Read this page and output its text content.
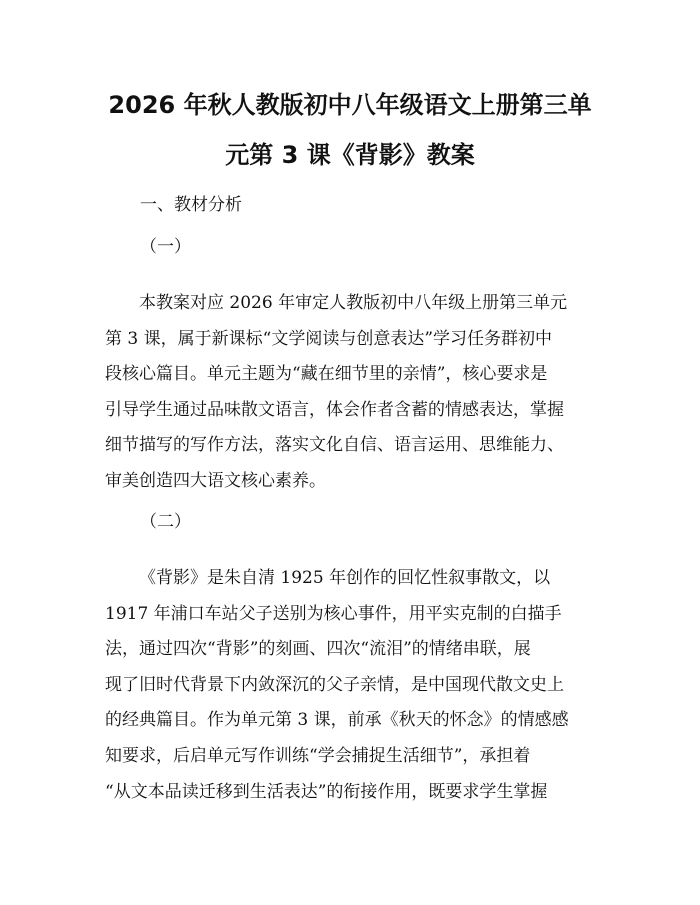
2026 年秋人教版初中八年级语文上册第三单
元第 3 课《背影》教案

一、教材分析

（一）

本教案对应 2026 年审定人教版初中八年级上册第三单元
第 3 课，属于新课标“文学阅读与创意表达”学习任务群初中
段核心篇目。单元主题为“藏在细节里的亲情”，核心要求是
引导学生通过品味散文语言，体会作者含蓄的情感表达，掌握
细节描写的写作方法，落实文化自信、语言运用、思维能力、
审美创造四大语文核心素养。

（二）

《背影》是朱自清 1925 年创作的回忆性叙事散文，以
1917 年浦口车站父子送别为核心事件，用平实克制的白描手
法，通过四次“背影”的刻画、四次“流泪”的情绪串联，展
现了旧时代背景下内敛深沉的父子亲情，是中国现代散文史上
的经典篇目。作为单元第 3 课，前承《秋天的怀念》的情感感
知要求，后启单元写作训练“学会捕捉生活细节”，承担着
“从文本品读迁移到生活表达”的衔接作用，既要求学生掌握
